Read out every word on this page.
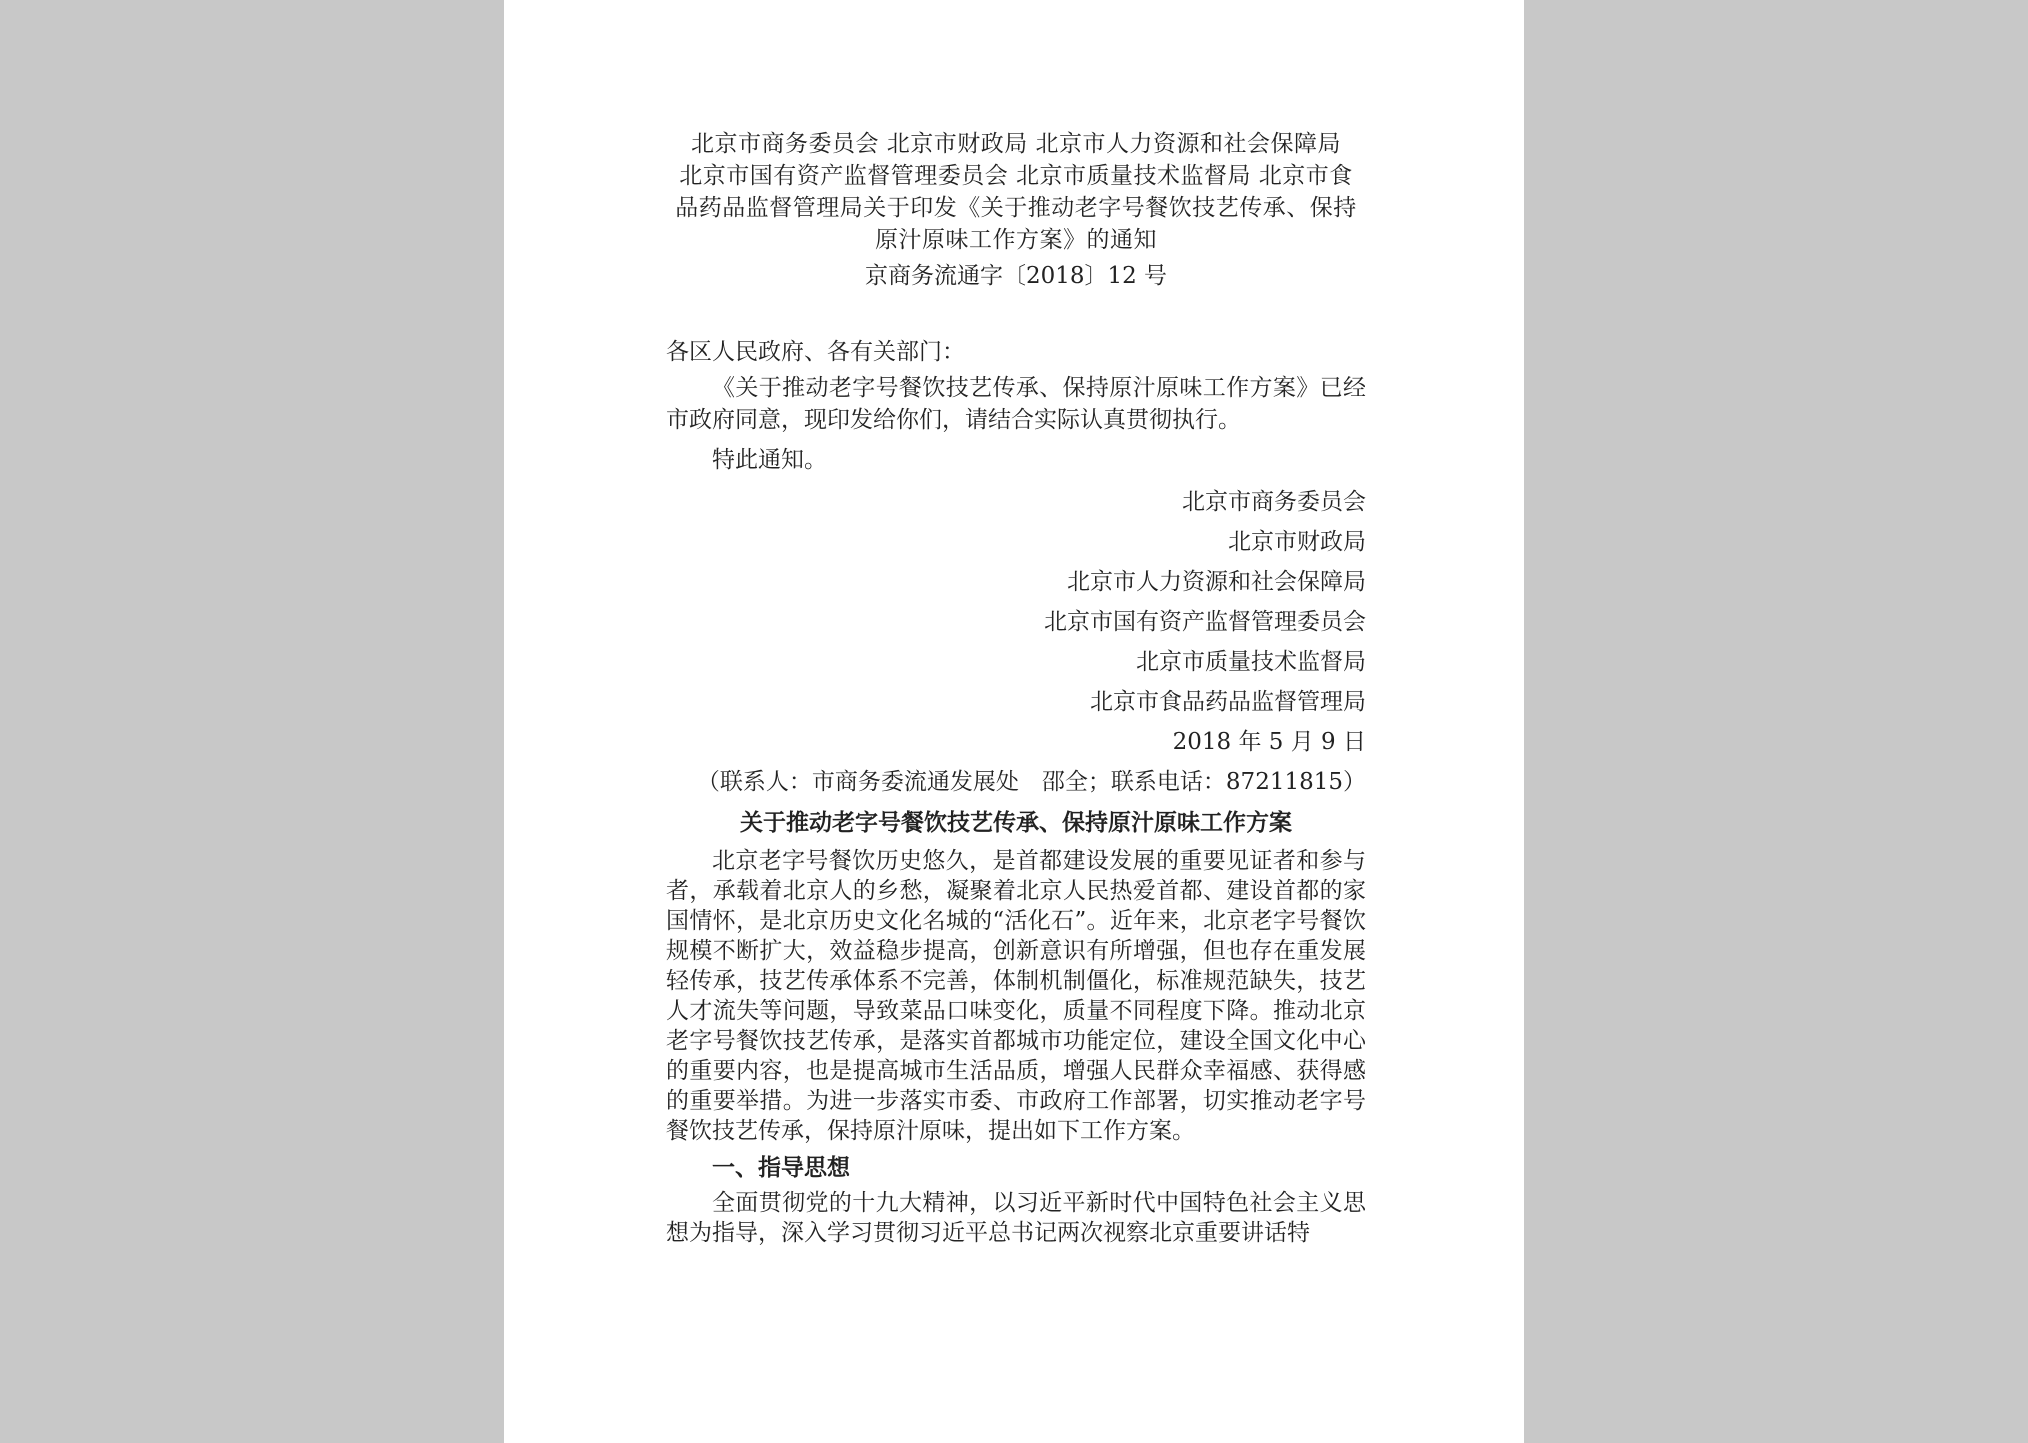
北京市商务委员会 北京市财政局 北京市人力资源和社会保障局

北京市国有资产监督管理委员会 北京市质量技术监督局 北京市食

品药品监督管理局关于印发《关于推动老字号餐饮技艺传承、保持

原汁原味工作方案》的通知

京商务流通字〔2018〕12 号

各区人民政府、各有关部门：

《关于推动老字号餐饮技艺传承、保持原汁原味工作方案》已经市政府同意，现印发给你们，请结合实际认真贯彻执行。

特此通知。

北京市商务委员会

北京市财政局

北京市人力资源和社会保障局

北京市国有资产监督管理委员会

北京市质量技术监督局

北京市食品药品监督管理局

2018 年 5 月 9 日

（联系人：市商务委流通发展处　邵全；联系电话：87211815）

关于推动老字号餐饮技艺传承、保持原汁原味工作方案

北京老字号餐饮历史悠久，是首都建设发展的重要见证者和参与者，承载着北京人的乡愁，凝聚着北京人民热爱首都、建设首都的家国情怀，是北京历史文化名城的“活化石”。近年来，北京老字号餐饮规模不断扩大，效益稳步提高，创新意识有所增强，但也存在重发展轻传承，技艺传承体系不完善，体制机制僵化，标准规范缺失，技艺人才流失等问题，导致菜品口味变化，质量不同程度下降。推动北京老字号餐饮技艺传承，是落实首都城市功能定位，建设全国文化中心的重要内容，也是提高城市生活品质，增强人民群众幸福感、获得感的重要举措。为进一步落实市委、市政府工作部署，切实推动老字号餐饮技艺传承，保持原汁原味，提出如下工作方案。

一、指导思想

全面贯彻党的十九大精神，以习近平新时代中国特色社会主义思想为指导，深入学习贯彻习近平总书记两次视察北京重要讲话特
